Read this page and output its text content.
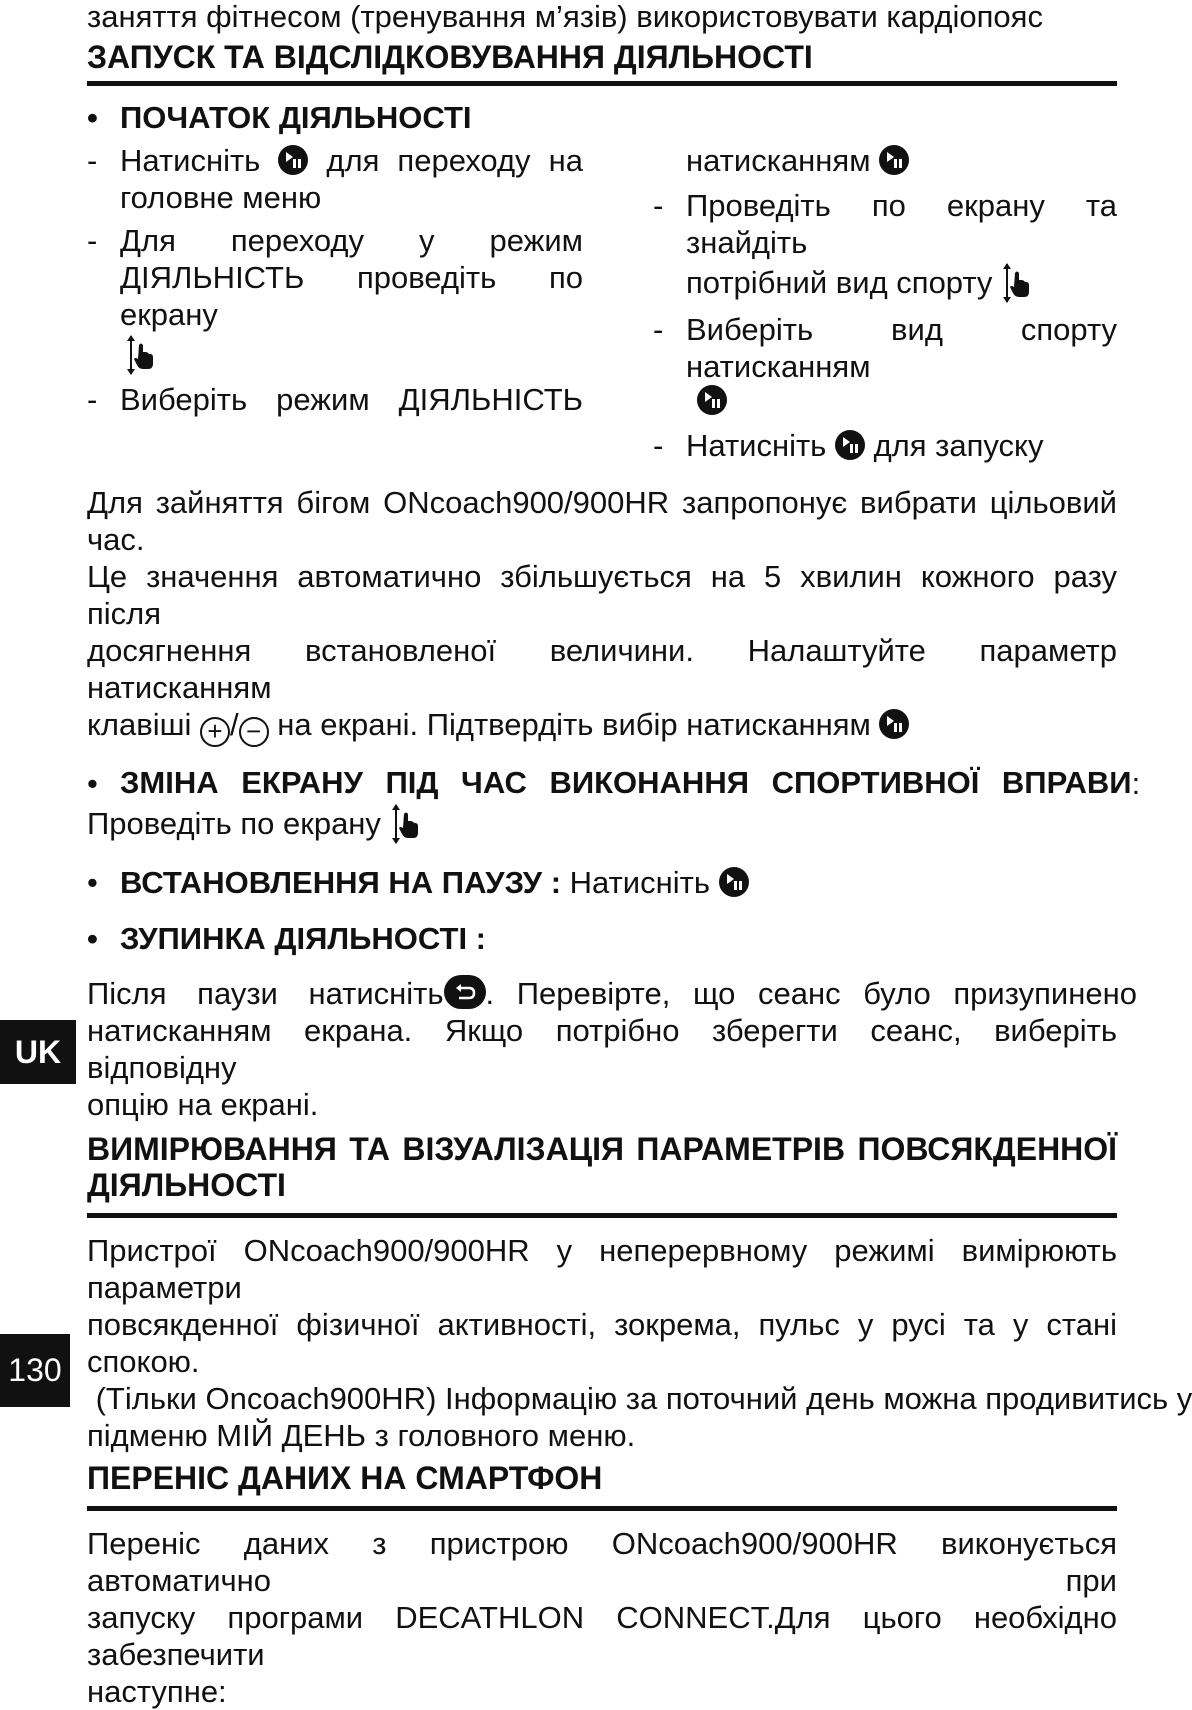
заняття фітнесом (тренування м’язів) використовувати кардіопояс
ЗАПУСК ТА ВІДСЛІДКОВУВАННЯ ДІЯЛЬНОСТІ
• ПОЧАТОК ДІЯЛЬНОСТІ
- Натисніть для переходу на
головне меню
- Для переходу у режим
ДІЯЛЬНІСТЬ проведіть по екрану
- Виберіть режим ДІЯЛЬНІСТЬ
натисканням
- Проведіть по екрану та знайдіть
потрібний вид спорту
- Виберіть вид спорту натисканням
- Натисніть для запуску
Для зайняття бігом ONcoach900/900HR запропонує вибрати цільовий час.
Це значення автоматично збільшується на 5 хвилин кожного разу після
досягнення встановленої величини. Налаштуйте параметр натисканням
клавіші + / − на екрані. Підтвердіть вибір натисканням
• ЗМІНА ЕКРАНУ ПІД ЧАС ВИКОНАННЯ СПОРТИВНОЇ ВПРАВИ :
Проведіть по екрану
• ВСТАНОВЛЕННЯ НА ПАУЗУ : Натисніть
• ЗУПИНКА ДІЯЛЬНОСТІ :
Після паузи натисніть . Перевірте, що сеанс було призупинено
натисканням екрана. Якщо потрібно зберегти сеанс, виберіть відповідну
опцію на екрані.
ВИМІРЮВАННЯ ТА ВІЗУАЛІЗАЦІЯ ПАРАМЕТРІВ ПОВСЯКДЕННОЇ
ДІЯЛЬНОСТІ
Пристрої ONcoach900/900HR у неперервному режимі вимірюють параметри
повсякденної фізичної активності, зокрема, пульс у русі та у стані спокою.
(Тільки Oncoach900HR) Інформацію за поточний день можна продивитись у
підменю МІЙ ДЕНЬ з головного меню.
ПЕРЕНІС ДАНИХ НА СМАРТФОН
Переніс даних з пристрою ONcoach900/900HR виконується автоматично при
запуску програми DECATHLON CONNECT.Для цього необхідно забезпечити
наступне:
UK
130
